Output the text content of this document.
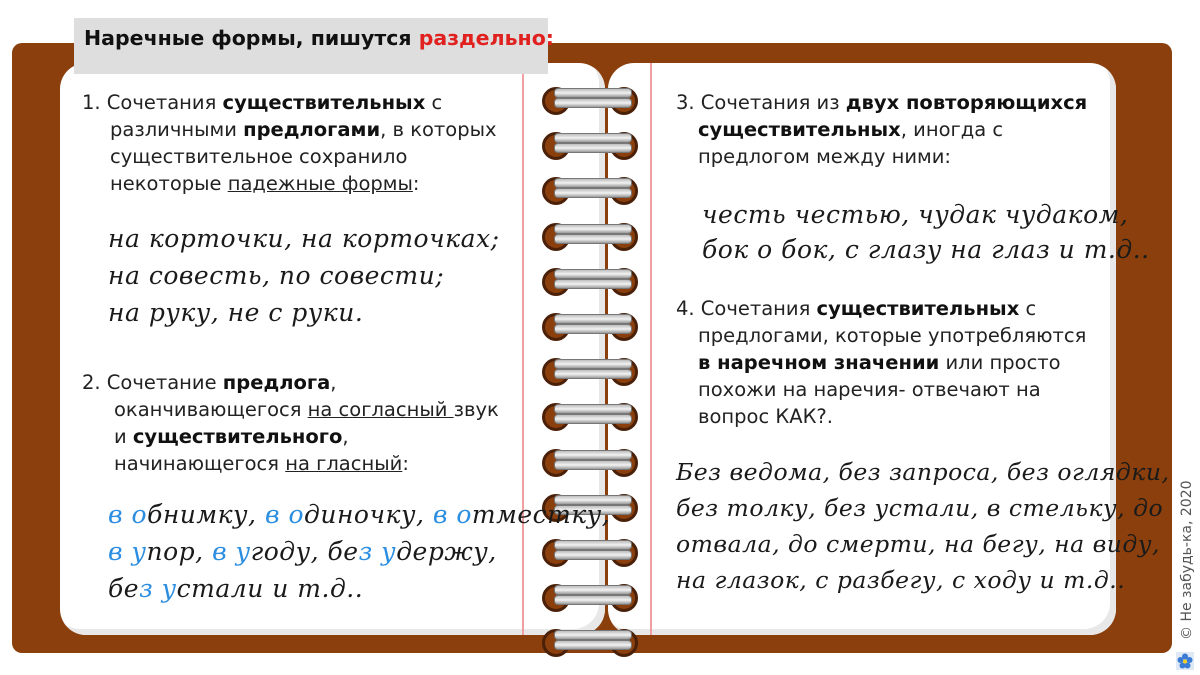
Наречные формы, пишутся раздельно:
1. Сочетания существительных с
различными предлогами, в которых
существительное сохранило
некоторые падежные формы:
на корточки, на корточках;
на совесть, по совести;
на руку, не с руки.
2. Сочетание предлога,
оканчивающегося на согласный звук
и существительного,
начинающегося на гласный:
в обнимку, в одиночку, в отместку,
в упор, в угоду, без удержу,
без устали и т.д..
3. Сочетания из двух повторяющихся
существительных, иногда с
предлогом между ними:
честь честью, чудак чудаком,
бок о бок, с глазу на глаз и т.д..
4. Сочетания существительных с
предлогами, которые употребляются
в наречном значении или просто
похожи на наречия- отвечают на
вопрос КАК?.
Без ведома, без запроса, без оглядки,
без толку, без устали, в стельку, до
отвала, до смерти, на бегу, на виду,
на глазок, с разбегу, с ходу и т.д..	© Не забудь-ка, 2020
